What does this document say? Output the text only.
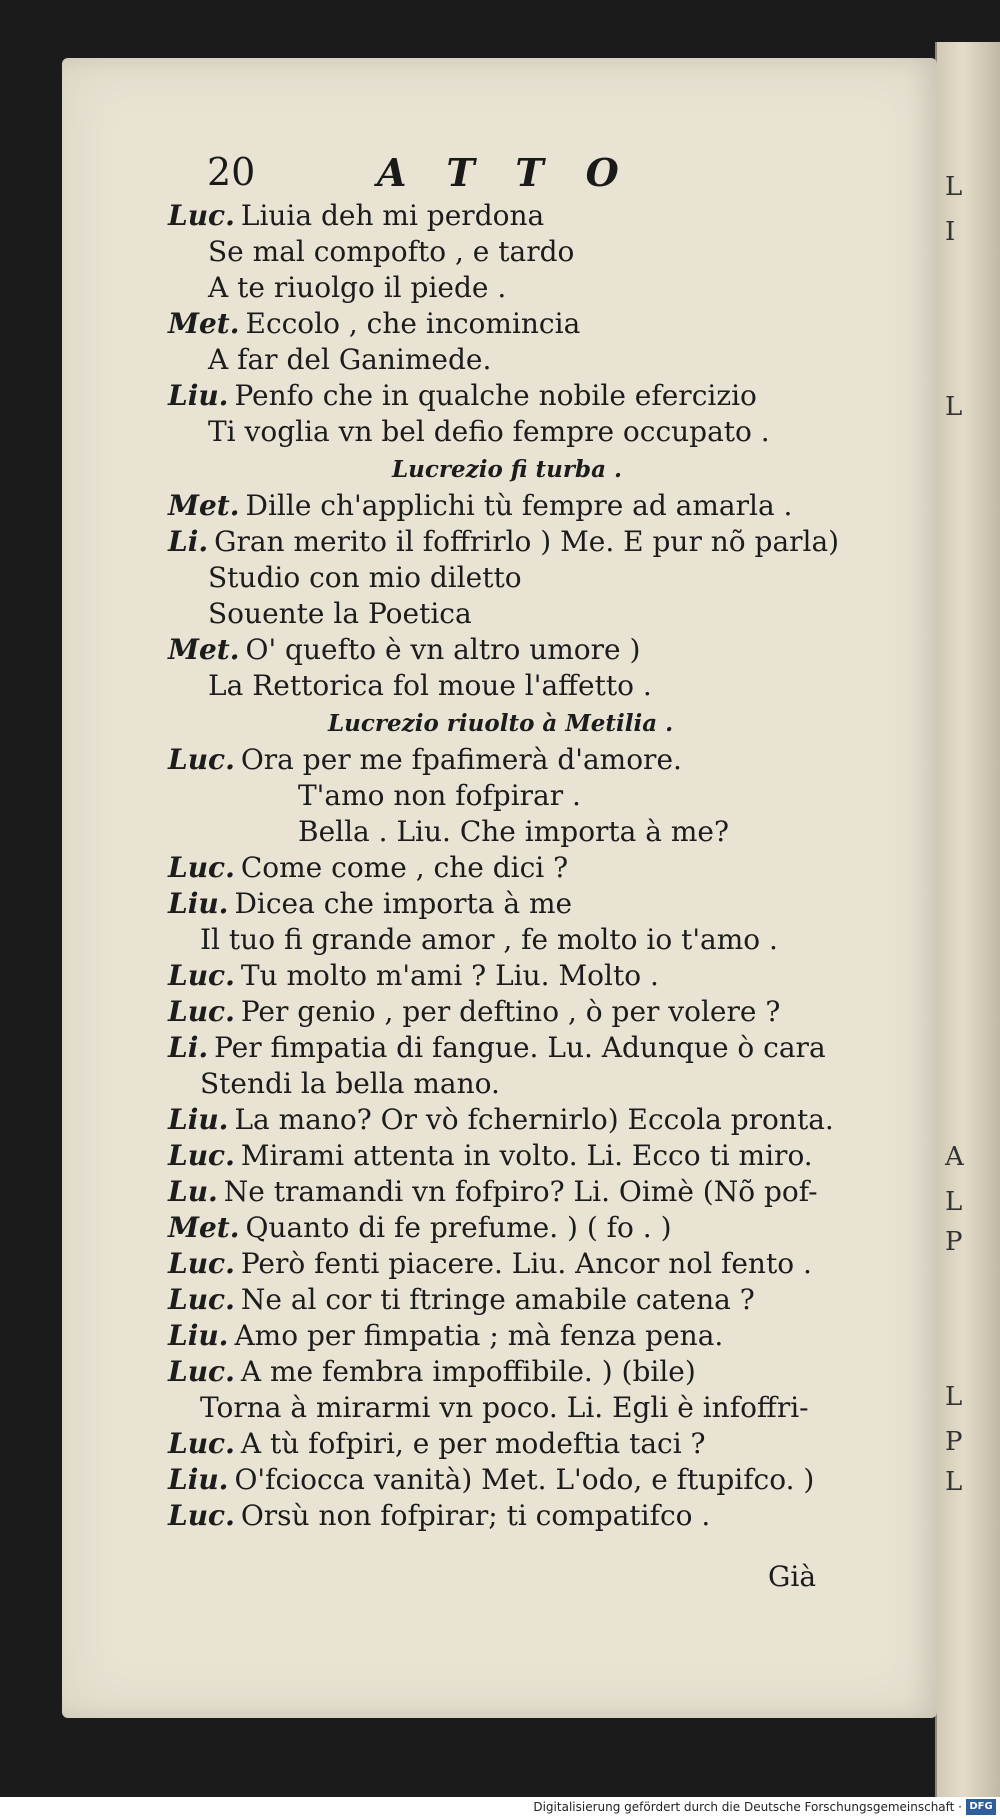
L
I
L
A
L
P
L
P
L
20	ATTO
Luc. Liuia deh mi perdona
Se mal compofto , e tardo
A te riuolgo il piede .
Met. Eccolo , che incomincia
A far del Ganimede.
Liu. Penfo che in qualche nobile efercizio
Ti voglia vn bel defio fempre occupato .
Lucrezio fi turba .
Met. Dille ch'applichi tù fempre ad amarla .
Li. Gran merito il foffrirlo ) Me. E pur nõ parla)
Studio con mio diletto
Souente la Poetica
Met. O' quefto è vn altro umore )
La Rettorica fol moue l'affetto .
Lucrezio riuolto à Metilia .
Luc. Ora per me fpafimerà d'amore.
T'amo non fofpirar .
Bella . Liu. Che importa à me?
Luc. Come come , che dici ?
Liu. Dicea che importa à me
Il tuo fi grande amor , fe molto io t'amo .
Luc. Tu molto m'ami ? Liu. Molto .
Luc. Per genio , per deftino , ò per volere ?
Li. Per fimpatia di fangue. Lu. Adunque ò cara
Stendi la bella mano.
Liu. La mano? Or vò fchernirlo) Eccola pronta.
Luc. Mirami attenta in volto. Li. Ecco ti miro.
Lu. Ne tramandi vn fofpiro? Li. Oimè (Nõ pof-
Met. Quanto di fe prefume. ) ( fo . )
Luc. Però fenti piacere. Liu. Ancor nol fento .
Luc. Ne al cor ti ftringe amabile catena ?
Liu. Amo per fimpatia ; mà fenza pena.
Luc. A me fembra impoffibile. ) (bile)
Torna à mirarmi vn poco. Li. Egli è infoffri-
Luc. A tù fofpiri, e per modeftia taci ?
Liu. O'fciocca vanità) Met. L'odo, e ftupifco. )
Luc. Orsù non fofpirar; ti compatifco .
Già
Digitalisierung gefördert durch die Deutsche Forschungsgemeinschaft · DFG
